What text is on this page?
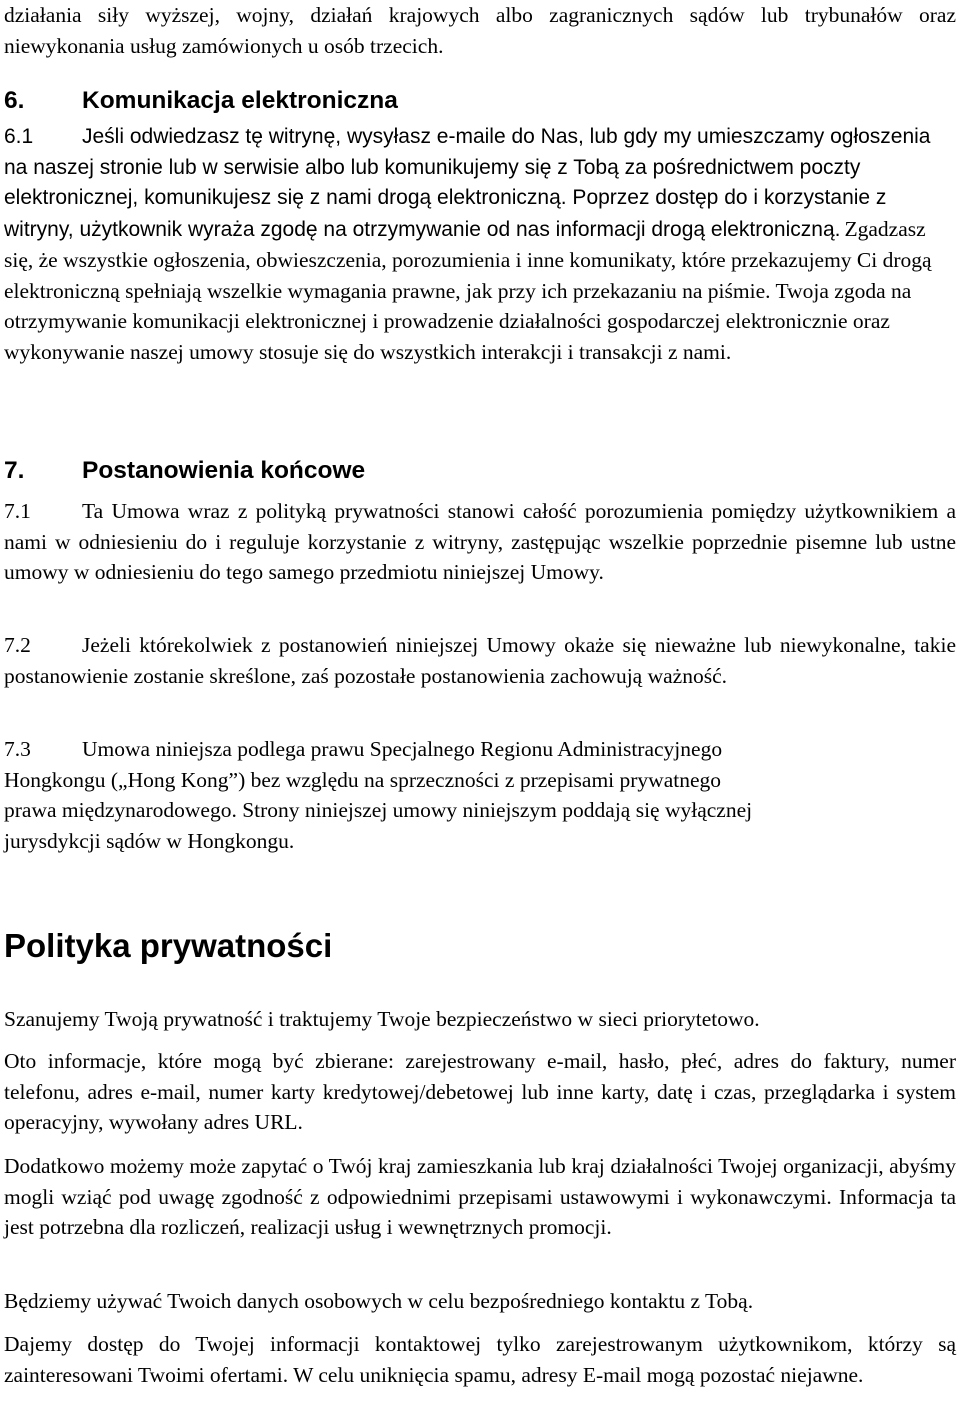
działania siły wyższej, wojny, działań krajowych albo zagranicznych sądów lub trybunałów oraz niewykonania usług zamówionych u osób trzecich.

6. Komunikacja elektroniczna

6.1 Jeśli odwiedzasz tę witrynę, wysyłasz e-maile do Nas, lub gdy my umieszczamy ogłoszenia na naszej stronie lub w serwisie albo lub komunikujemy się z Tobą za pośrednictwem poczty elektronicznej, komunikujesz się z nami drogą elektroniczną. Poprzez dostęp do i korzystanie z witryny, użytkownik wyraża zgodę na otrzymywanie od nas informacji drogą elektroniczną. Zgadzasz się, że wszystkie ogłoszenia, obwieszczenia, porozumienia i inne komunikaty, które przekazujemy Ci drogą elektroniczną spełniają wszelkie wymagania prawne, jak przy ich przekazaniu na piśmie. Twoja zgoda na otrzymywanie komunikacji elektronicznej i prowadzenie działalności gospodarczej elektronicznie oraz wykonywanie naszej umowy stosuje się do wszystkich interakcji i transakcji z nami.

7. Postanowienia końcowe

7.1 Ta Umowa wraz z polityką prywatności stanowi całość porozumienia pomiędzy użytkownikiem a nami w odniesieniu do i reguluje korzystanie z witryny, zastępując wszelkie poprzednie pisemne lub ustne umowy w odniesieniu do tego samego przedmiotu niniejszej Umowy.

7.2 Jeżeli którekolwiek z postanowień niniejszej Umowy okaże się nieważne lub niewykonalne, takie postanowienie zostanie skreślone, zaś pozostałe postanowienia zachowują ważność.

7.3 Umowa niniejsza podlega prawu Specjalnego Regionu Administracyjnego
Hongkongu („Hong Kong”) bez względu na sprzeczności z przepisami prywatnego
prawa międzynarodowego. Strony niniejszej umowy niniejszym poddają się wyłącznej
jurysdykcji sądów w Hongkongu.
Polityka prywatności

Szanujemy Twoją prywatność i traktujemy Twoje bezpieczeństwo w sieci priorytetowo.

Oto informacje, które mogą być zbierane: zarejestrowany e-mail, hasło, płeć, adres do faktury, numer telefonu, adres e-mail, numer karty kredytowej/debetowej lub inne karty, datę i czas, przeglądarka i system operacyjny, wywołany adres URL.

Dodatkowo możemy może zapytać o Twój kraj zamieszkania lub kraj działalności Twojej organizacji, abyśmy mogli wziąć pod uwagę zgodność z odpowiednimi przepisami ustawowymi i wykonawczymi. Informacja ta jest potrzebna dla rozliczeń, realizacji usług i wewnętrznych promocji.

Będziemy używać Twoich danych osobowych w celu bezpośredniego kontaktu z Tobą.

Dajemy dostęp do Twojej informacji kontaktowej tylko zarejestrowanym użytkownikom, którzy są zainteresowani Twoimi ofertami. W celu uniknięcia spamu, adresy E-mail mogą pozostać niejawne.
